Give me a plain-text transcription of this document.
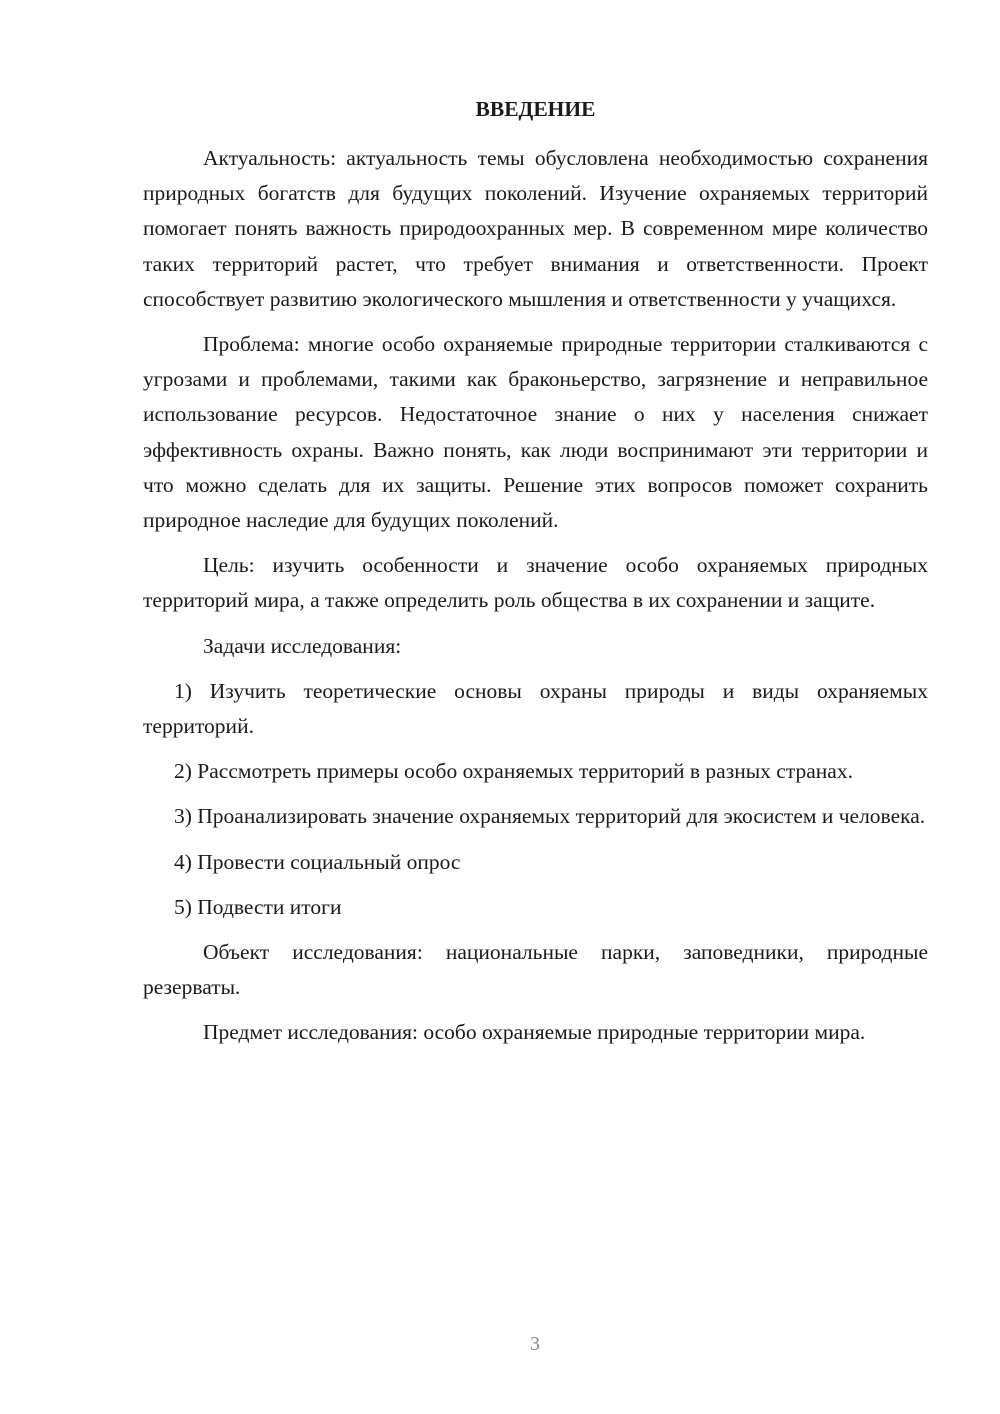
ВВЕДЕНИЕ

Актуальность: актуальность темы обусловлена необходимостью сохранения природных богатств для будущих поколений. Изучение охраняемых территорий помогает понять важность природоохранных мер. В современном мире количество таких территорий растет, что требует внимания и ответственности. Проект способствует развитию экологического мышления и ответственности у учащихся.

Проблема: многие особо охраняемые природные территории сталкиваются с угрозами и проблемами, такими как браконьерство, загрязнение и неправильное использование ресурсов. Недостаточное знание о них у населения снижает эффективность охраны. Важно понять, как люди воспринимают эти территории и что можно сделать для их защиты. Решение этих вопросов поможет сохранить природное наследие для будущих поколений.

Цель: изучить особенности и значение особо охраняемых природных территорий мира, а также определить роль общества в их сохранении и защите.

Задачи исследования:

1) Изучить теоретические основы охраны природы и виды охраняемых территорий.

2) Рассмотреть примеры особо охраняемых территорий в разных странах.

3) Проанализировать значение охраняемых территорий для экосистем и человека.

4) Провести социальный опрос

5) Подвести итоги

Объект исследования: национальные парки, заповедники, природные резерваты.

Предмет исследования: особо охраняемые природные территории мира.

3
